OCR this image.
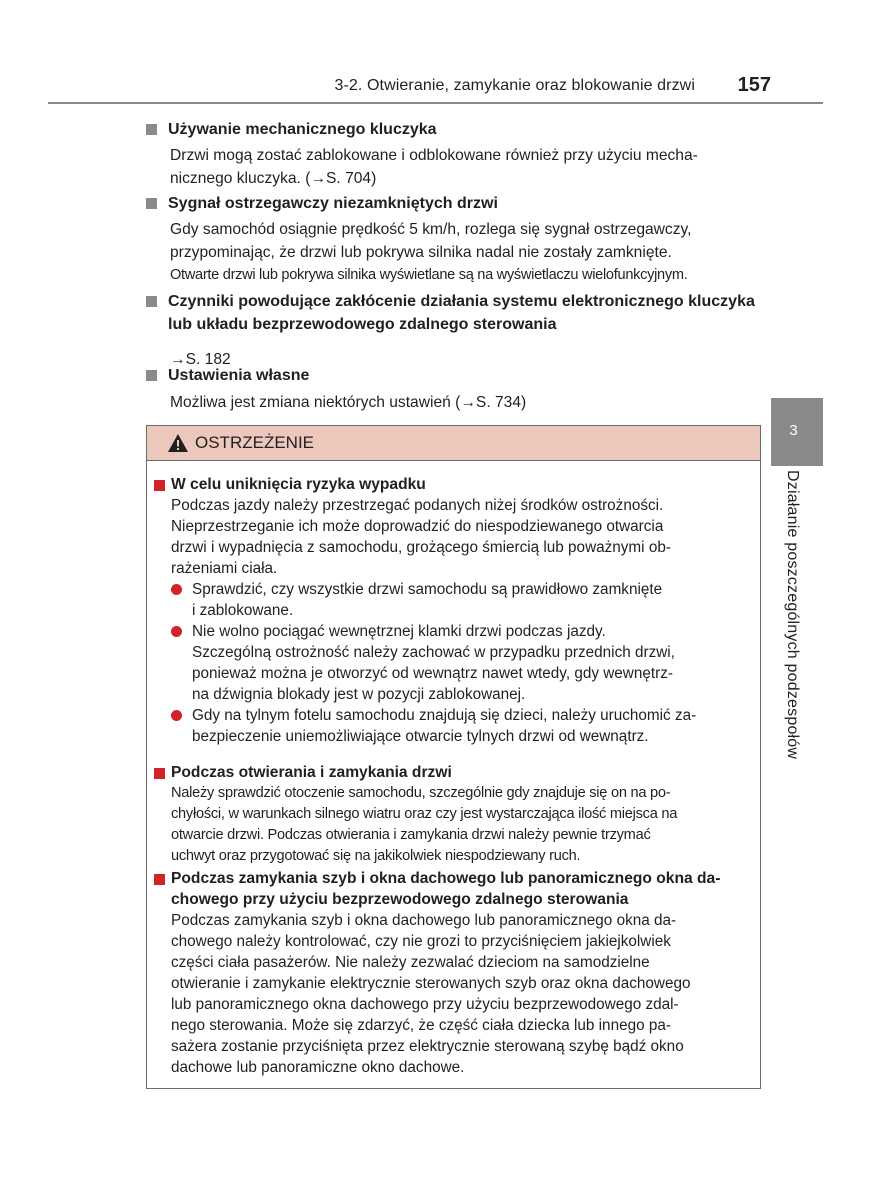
3-2. Otwieranie, zamykanie oraz blokowanie drzwi 157
Używanie mechanicznego kluczyka
Drzwi mogą zostać zablokowane i odblokowane również przy użyciu mecha-
nicznego kluczyka. (→S. 704)
Sygnał ostrzegawczy niezamkniętych drzwi
Gdy samochód osiągnie prędkość 5 km/h, rozlega się sygnał ostrzegawczy,
przypominając, że drzwi lub pokrywa silnika nadal nie zostały zamknięte.
Otwarte drzwi lub pokrywa silnika wyświetlane są na wyświetlaczu wielofunkcyjnym.
Czynniki powodujące zakłócenie działania systemu elektronicznego kluczyka
lub układu bezprzewodowego zdalnego sterowania
→S. 182
Ustawienia własne
Możliwa jest zmiana niektórych ustawień (→S. 734)
OSTRZEŻENIE
W celu uniknięcia ryzyka wypadku
Podczas jazdy należy przestrzegać podanych niżej środków ostrożności.
Nieprzestrzeganie ich może doprowadzić do niespodziewanego otwarcia
drzwi i wypadnięcia z samochodu, grożącego śmiercią lub poważnymi ob-
rażeniami ciała.
Sprawdzić, czy wszystkie drzwi samochodu są prawidłowo zamknięte
i zablokowane.
Nie wolno pociągać wewnętrznej klamki drzwi podczas jazdy.
Szczególną ostrożność należy zachować w przypadku przednich drzwi,
ponieważ można je otworzyć od wewnątrz nawet wtedy, gdy wewnętrz-
na dźwignia blokady jest w pozycji zablokowanej.
Gdy na tylnym fotelu samochodu znajdują się dzieci, należy uruchomić za-
bezpieczenie uniemożliwiające otwarcie tylnych drzwi od wewnątrz.
Podczas otwierania i zamykania drzwi
Należy sprawdzić otoczenie samochodu, szczególnie gdy znajduje się on na po-
chyłości, w warunkach silnego wiatru oraz czy jest wystarczająca ilość miejsca na
otwarcie drzwi. Podczas otwierania i zamykania drzwi należy pewnie trzymać
uchwyt oraz przygotować się na jakikolwiek niespodziewany ruch.
Podczas zamykania szyb i okna dachowego lub panoramicznego okna da-
chowego przy użyciu bezprzewodowego zdalnego sterowania
Podczas zamykania szyb i okna dachowego lub panoramicznego okna da-
chowego należy kontrolować, czy nie grozi to przyciśnięciem jakiejkolwiek
części ciała pasażerów. Nie należy zezwalać dzieciom na samodzielne
otwieranie i zamykanie elektrycznie sterowanych szyb oraz okna dachowego
lub panoramicznego okna dachowego przy użyciu bezprzewodowego zdal-
nego sterowania. Może się zdarzyć, że część ciała dziecka lub innego pa-
sażera zostanie przyciśnięta przez elektrycznie sterowaną szybę bądź okno
dachowe lub panoramiczne okno dachowe.
3
Działanie poszczególnych podzespołów
